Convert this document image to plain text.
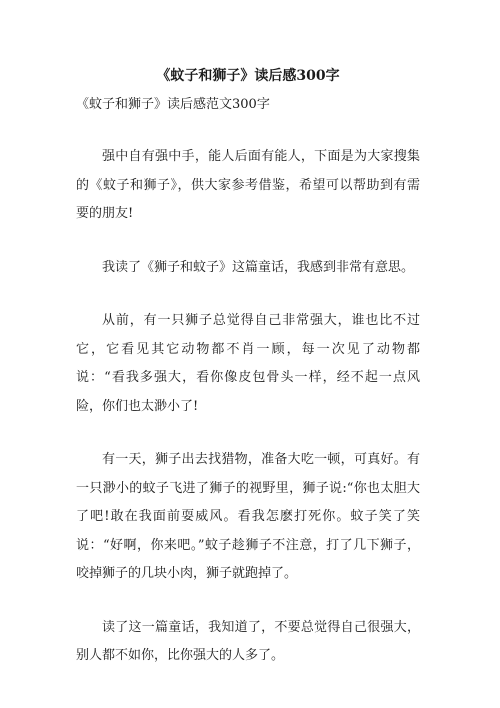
《蚊子和狮子》读后感300字
《蚊子和狮子》读后感范文300字

强中自有强中手，能人后面有能人，下面是为大家搜集的《蚊子和狮子》，供大家参考借鉴，希望可以帮助到有需要的朋友!

我读了《狮子和蚊子》这篇童话，我感到非常有意思。

从前，有一只狮子总觉得自己非常强大，谁也比不过它，它看见其它动物都不肖一顾，每一次见了动物都说：“看我多强大，看你像皮包骨头一样，经不起一点风险，你们也太渺小了!

有一天，狮子出去找猎物，准备大吃一顿，可真好。有一只渺小的蚊子飞进了狮子的视野里，狮子说:“你也太胆大了吧!敢在我面前耍威风。看我怎麽打死你。蚊子笑了笑说：“好啊，你来吧。”蚊子趁狮子不注意，打了几下狮子，咬掉狮子的几块小肉，狮子就跑掉了。

读了这一篇童话，我知道了，不要总觉得自己很强大，别人都不如你，比你强大的人多了。
